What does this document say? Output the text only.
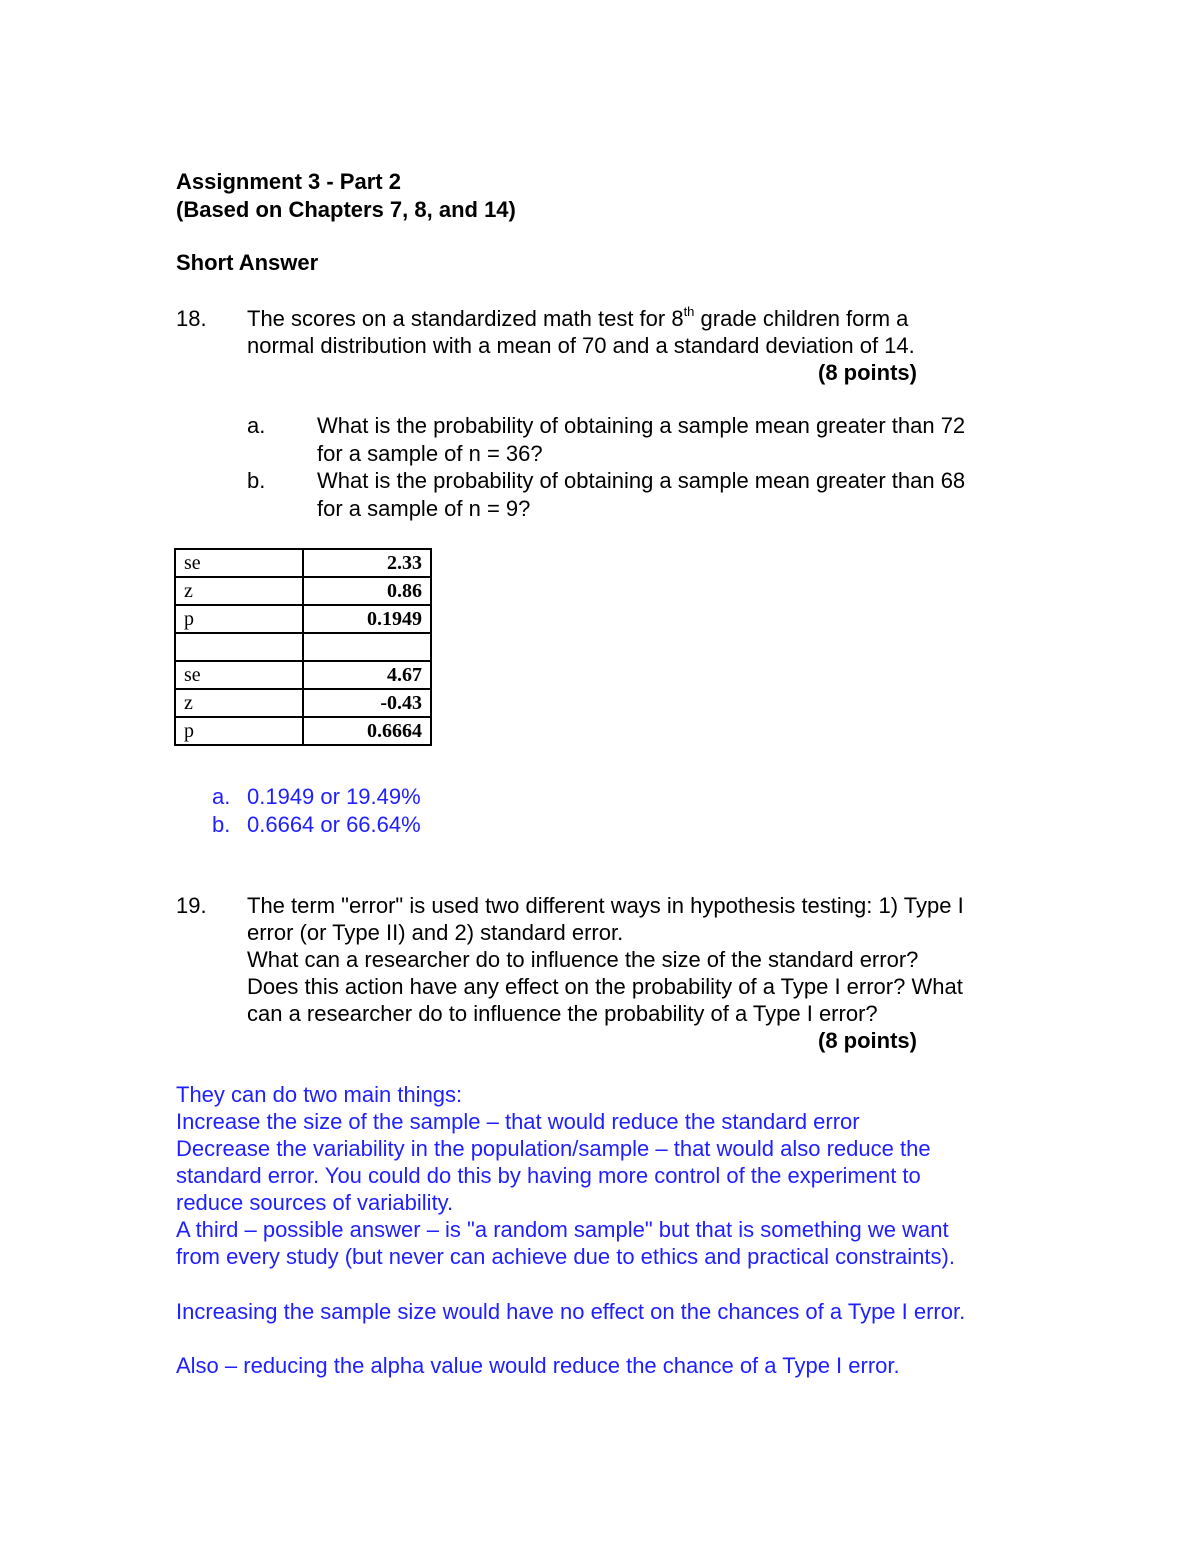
Assignment 3 - Part 2
(Based on Chapters 7, 8, and 14)
Short Answer
18. The scores on a standardized math test for 8th grade children form a
normal distribution with a mean of 70 and a standard deviation of 14.
(8 points)
a. What is the probability of obtaining a sample mean greater than 72
for a sample of n = 36?
b. What is the probability of obtaining a sample mean greater than 68
for a sample of n = 9?
se	2.33
z	0.86
p	0.1949

se	4.67
z	-0.43
p	0.6664
a. 0.1949 or 19.49%
b. 0.6664 or 66.64%
19. The term "error" is used two different ways in hypothesis testing: 1) Type I
error (or Type II) and 2) standard error.
What can a researcher do to influence the size of the standard error?
Does this action have any effect on the probability of a Type I error? What
can a researcher do to influence the probability of a Type I error?
(8 points)
They can do two main things:
Increase the size of the sample – that would reduce the standard error
Decrease the variability in the population/sample – that would also reduce the
standard error. You could do this by having more control of the experiment to
reduce sources of variability.
A third – possible answer – is "a random sample" but that is something we want
from every study (but never can achieve due to ethics and practical constraints).
Increasing the sample size would have no effect on the chances of a Type I error.
Also – reducing the alpha value would reduce the chance of a Type I error.
